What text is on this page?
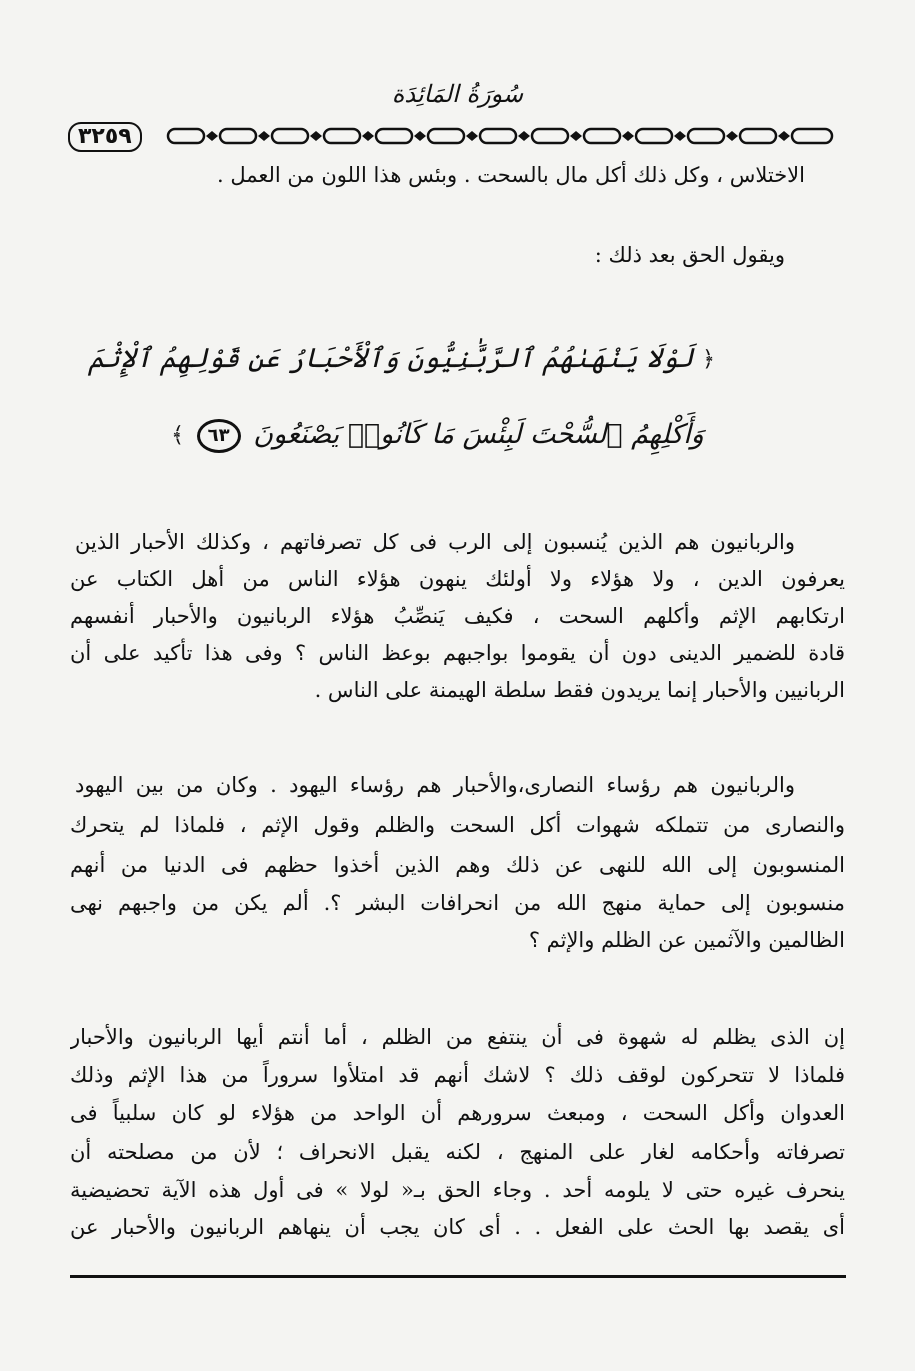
سُورَةُ المَائِدَة
٣٢٥٩
الاختلاس ، وكل ذلك أكل مال بالسحت . وبئس هذا اللون من العمل .
ويقول الحق بعد ذلك :
﴿ لَوْلَا يَنْهَىٰهُمُ ٱلرَّبَّٰنِيُّونَ وَٱلْأَحْبَارُ عَن قَوْلِهِمُ ٱلْإِثْمَ
وَأَكْلِهِمُ ٱلسُّحْتَ لَبِئْسَ مَا كَانُوا۟ يَصْنَعُونَ ٦٣ ﴾
والربانيون هم الذين يُنسبون إلى الرب فى كل تصرفاتهم ، وكذلك الأحبار الذين
يعرفون الدين ، ولا هؤلاء ولا أولئك ينهون هؤلاء الناس من أهل الكتاب عن
ارتكابهم الإثم وأكلهم السحت ، فكيف يَنصِّبُ هؤلاء الربانيون والأحبار أنفسهم
قادة للضمير الدينى دون أن يقوموا بواجبهم بوعظ الناس ؟ وفى هذا تأكيد على أن
الربانيين والأحبار إنما يريدون فقط سلطة الهيمنة على الناس .
والربانيون هم رؤساء النصارى،والأحبار هم رؤساء اليهود . وكان من بين اليهود
والنصارى من تتملكه شهوات أكل السحت والظلم وقول الإثم ، فلماذا لم يتحرك
المنسوبون إلى الله للنهى عن ذلك وهم الذين أخذوا حظهم فى الدنيا من أنهم
منسوبون إلى حماية منهج الله من انحرافات البشر ؟. ألم يكن من واجبهم نهى
الظالمين والآثمين عن الظلم والإثم ؟
إن الذى يظلم له شهوة فى أن ينتفع من الظلم ، أما أنتم أيها الربانيون والأحبار
فلماذا لا تتحركون لوقف ذلك ؟ لاشك أنهم قد امتلأوا سروراً من هذا الإثم وذلك
العدوان وأكل السحت ، ومبعث سرورهم أن الواحد من هؤلاء لو كان سلبياً فى
تصرفاته وأحكامه لغار على المنهج ، لكنه يقبل الانحراف ؛ لأن من مصلحته أن
ينحرف غيره حتى لا يلومه أحد . وجاء الحق بـ« لولا » فى أول هذه الآية تحضيضية
أى يقصد بها الحث على الفعل . . أى كان يجب أن ينهاهم الربانيون والأحبار عن
